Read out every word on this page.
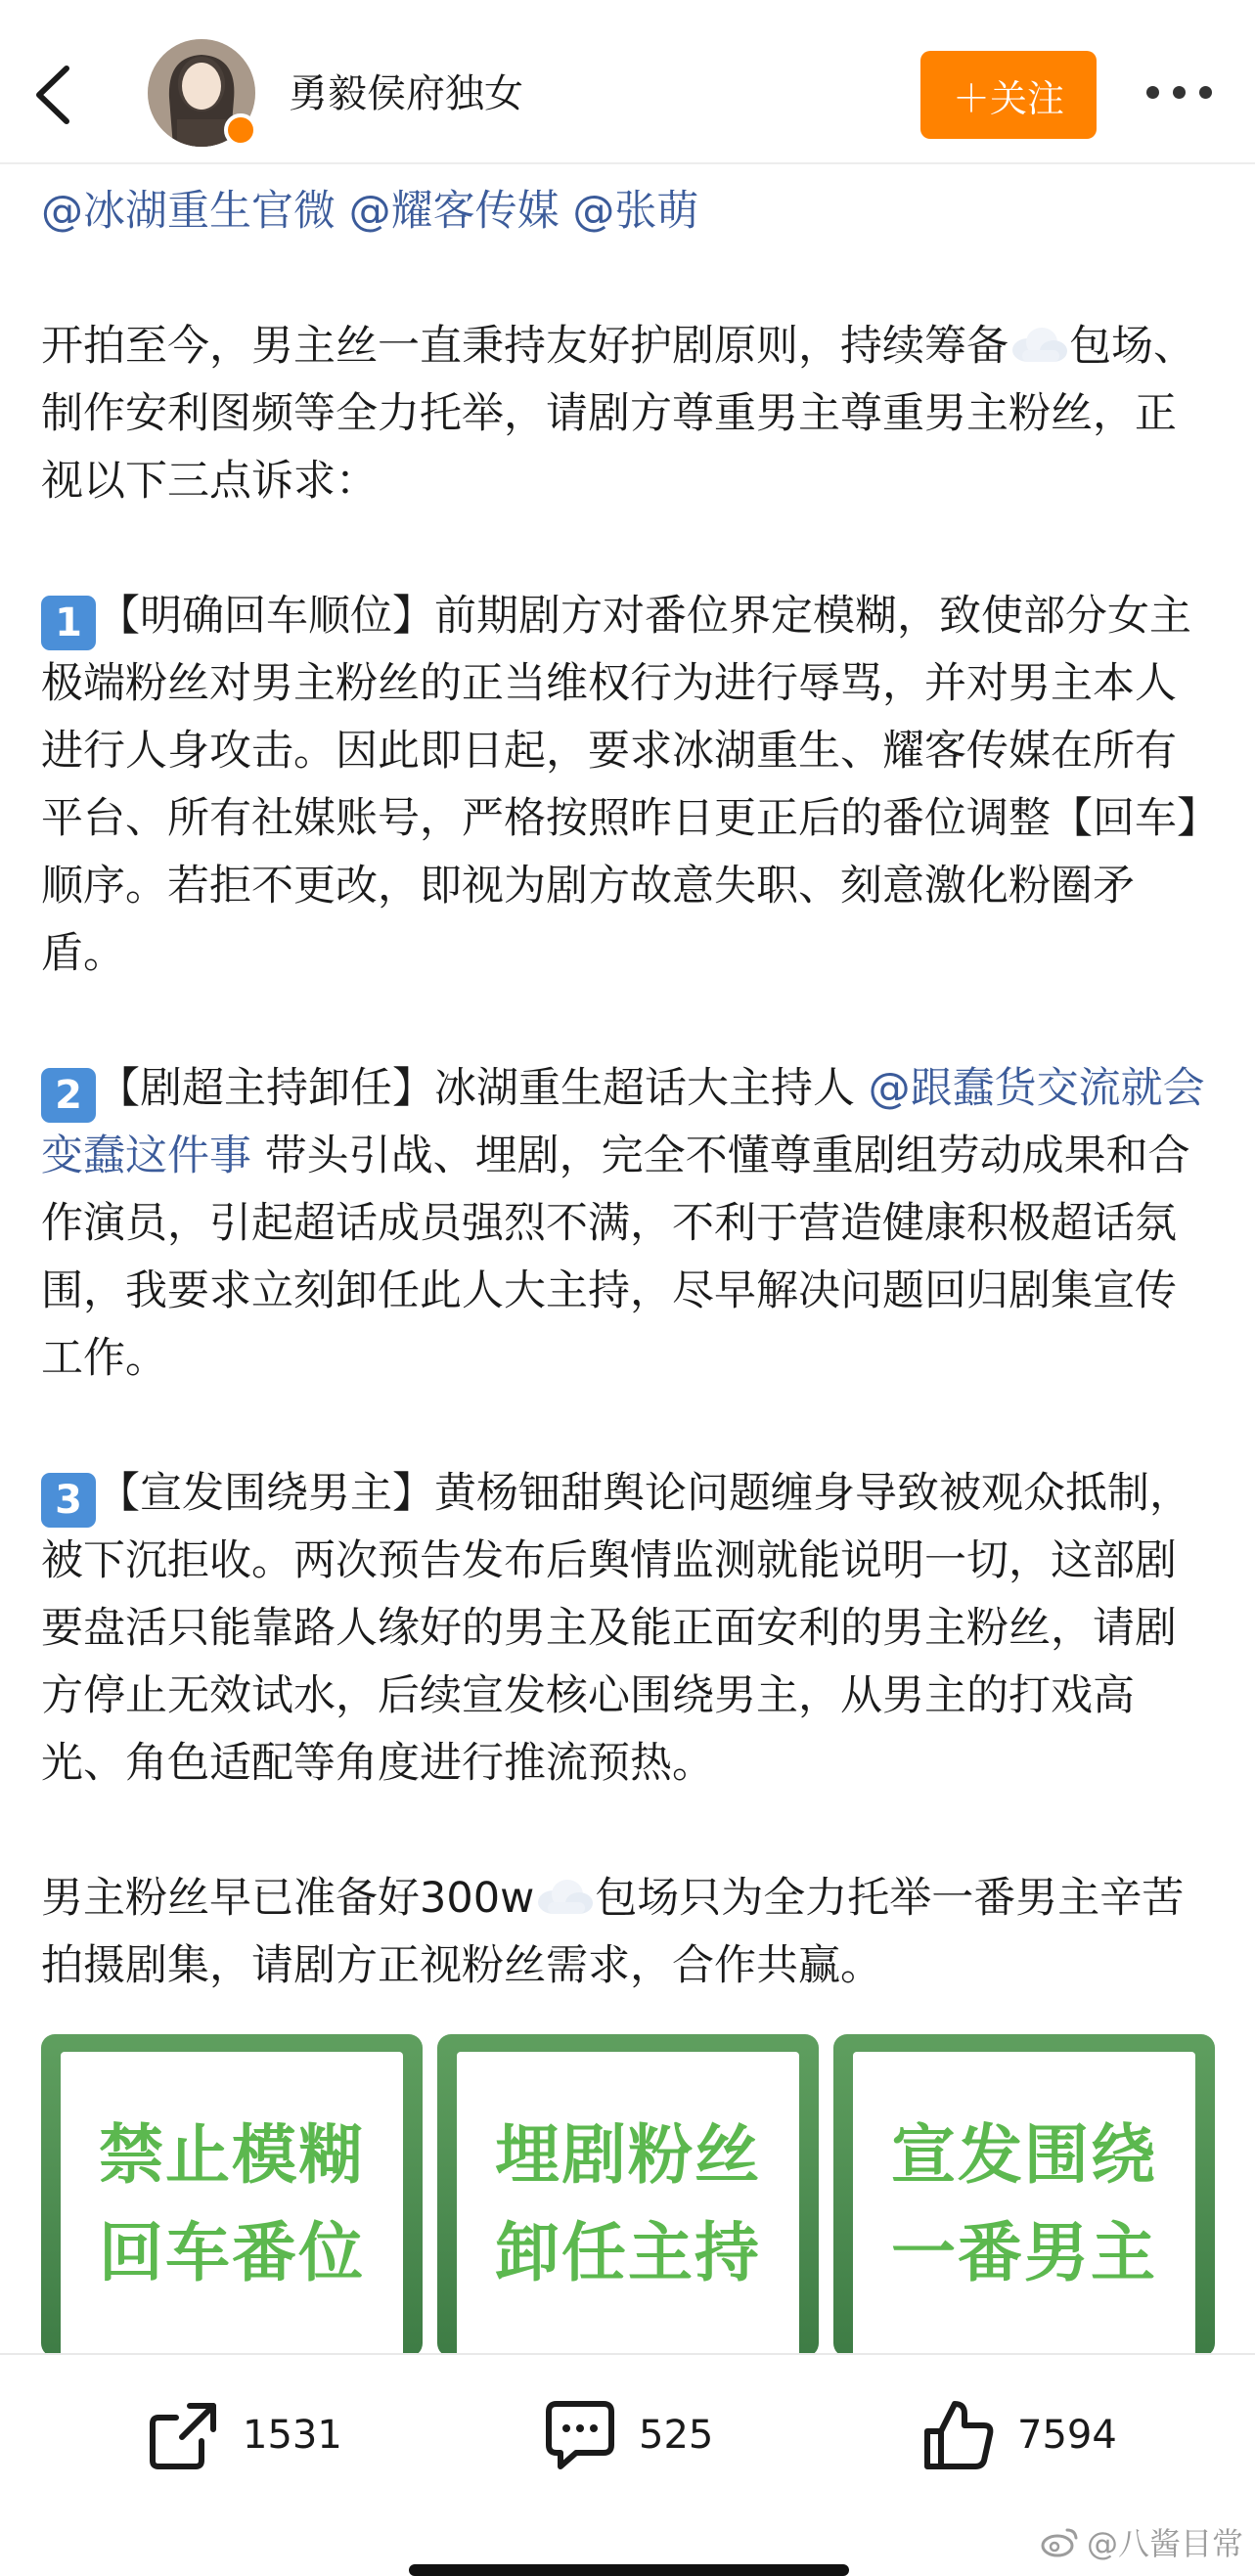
勇毅侯府独女	＋关注

@冰湖重生官微 @耀客传媒 @张萌

开拍至今，男主丝一直秉持友好护剧原则，持续筹备 包场、制作安利图频等全力托举，请剧方尊重男主尊重男主粉丝，正视以下三点诉求：

1 【明确回车顺位】前期剧方对番位界定模糊，致使部分女主极端粉丝对男主粉丝的正当维权行为进行辱骂，并对男主本人进行人身攻击。因此即日起，要求冰湖重生、耀客传媒在所有平台、所有社媒账号，严格按照昨日更正后的番位调整【回车】顺序。若拒不更改，即视为剧方故意失职、刻意激化粉圈矛盾。

2 【剧超主持卸任】冰湖重生超话大主持人 @跟蠢货交流就会变蠢这件事 带头引战、埋剧，完全不懂尊重剧组劳动成果和合作演员，引起超话成员强烈不满，不利于营造健康积极超话氛围，我要求立刻卸任此人大主持，尽早解决问题回归剧集宣传工作。

3 【宣发围绕男主】黄杨钿甜舆论问题缠身导致被观众抵制，被下沉拒收。两次预告发布后舆情监测就能说明一切，这部剧要盘活只能靠路人缘好的男主及能正面安利的男主粉丝，请剧方停止无效试水，后续宣发核心围绕男主，从男主的打戏高光、角色适配等角度进行推流预热。

男主粉丝早已准备好300w 包场只为全力托举一番男主辛苦拍摄剧集，请剧方正视粉丝需求，合作共赢。

禁止模糊
回车番位
埋剧粉丝
卸任主持
宣发围绕
一番男主
1531	525	7594
@八酱目常
